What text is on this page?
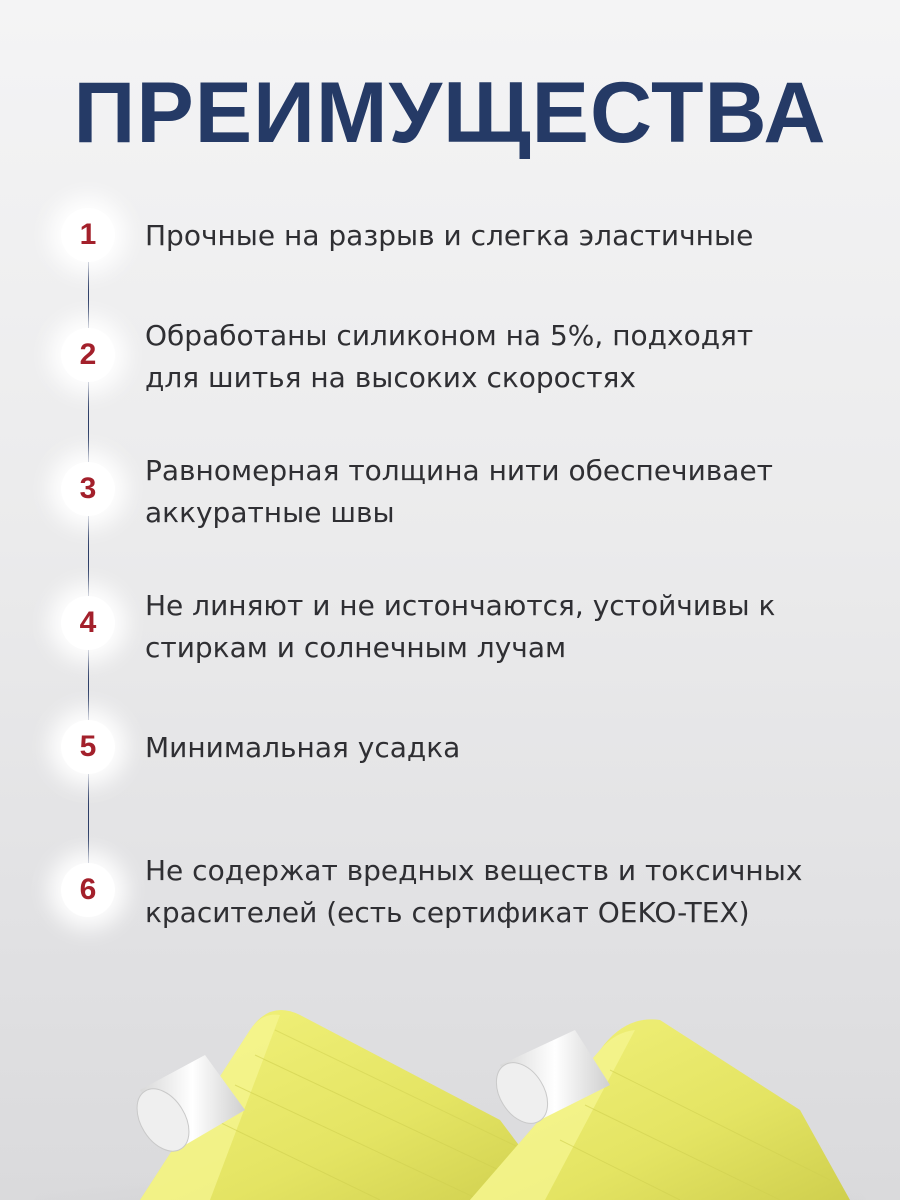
ПРЕИМУЩЕСТВА
1 Прочные на разрыв и слегка эластичные
2
Обработаны силиконом на 5%, подходят для шитья на высоких скоростях
3
Равномерная толщина нити обеспечивает аккуратные швы
4
Не линяют и не истончаются, устойчивы к стиркам и солнечным лучам
5 Минимальная усадка
6
Не содержат вредных веществ и токсичных красителей (есть сертификат OEKO-TEX)
